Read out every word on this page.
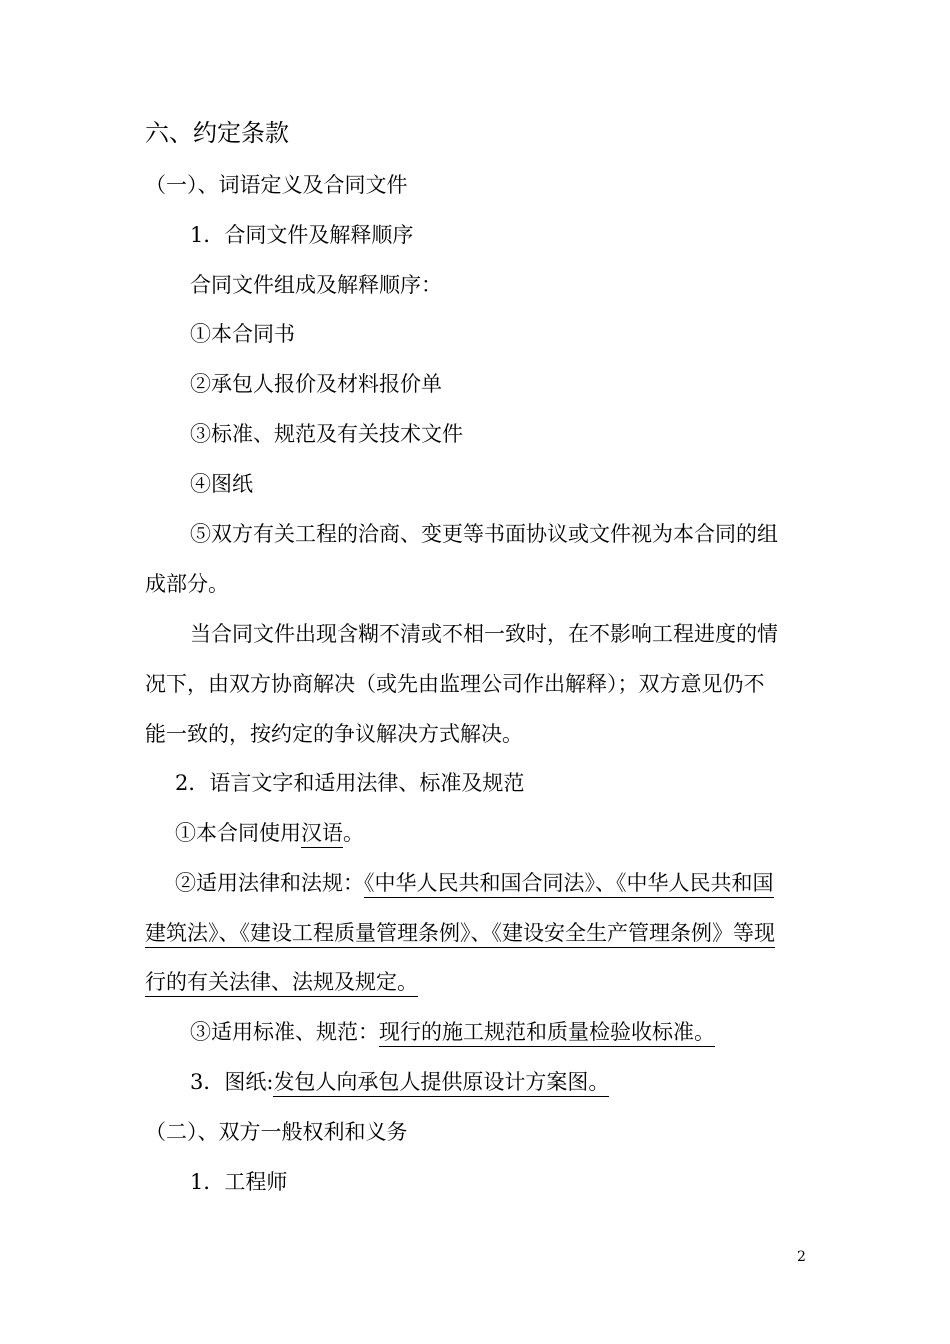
六、约定条款
（一）、词语定义及合同文件
1．合同文件及解释顺序
合同文件组成及解释顺序：
①本合同书
②承包人报价及材料报价单
③标准、规范及有关技术文件
④图纸
⑤双方有关工程的洽商、变更等书面协议或文件视为本合同的组
成部分。
当合同文件出现含糊不清或不相一致时，在不影响工程进度的情
况下，由双方协商解决（或先由监理公司作出解释）；双方意见仍不
能一致的，按约定的争议解决方式解决。
2．语言文字和适用法律、标准及规范
①本合同使用汉语。
②适用法律和法规：《中华人民共和国合同法》、《中华人民共和国
建筑法》、《建设工程质量管理条例》、《建设安全生产管理条例》等现
行的有关法律、法规及规定。
③适用标准、规范：现行的施工规范和质量检验收标准。
3．图纸:发包人向承包人提供原设计方案图。
（二）、双方一般权利和义务
1．工程师
2
